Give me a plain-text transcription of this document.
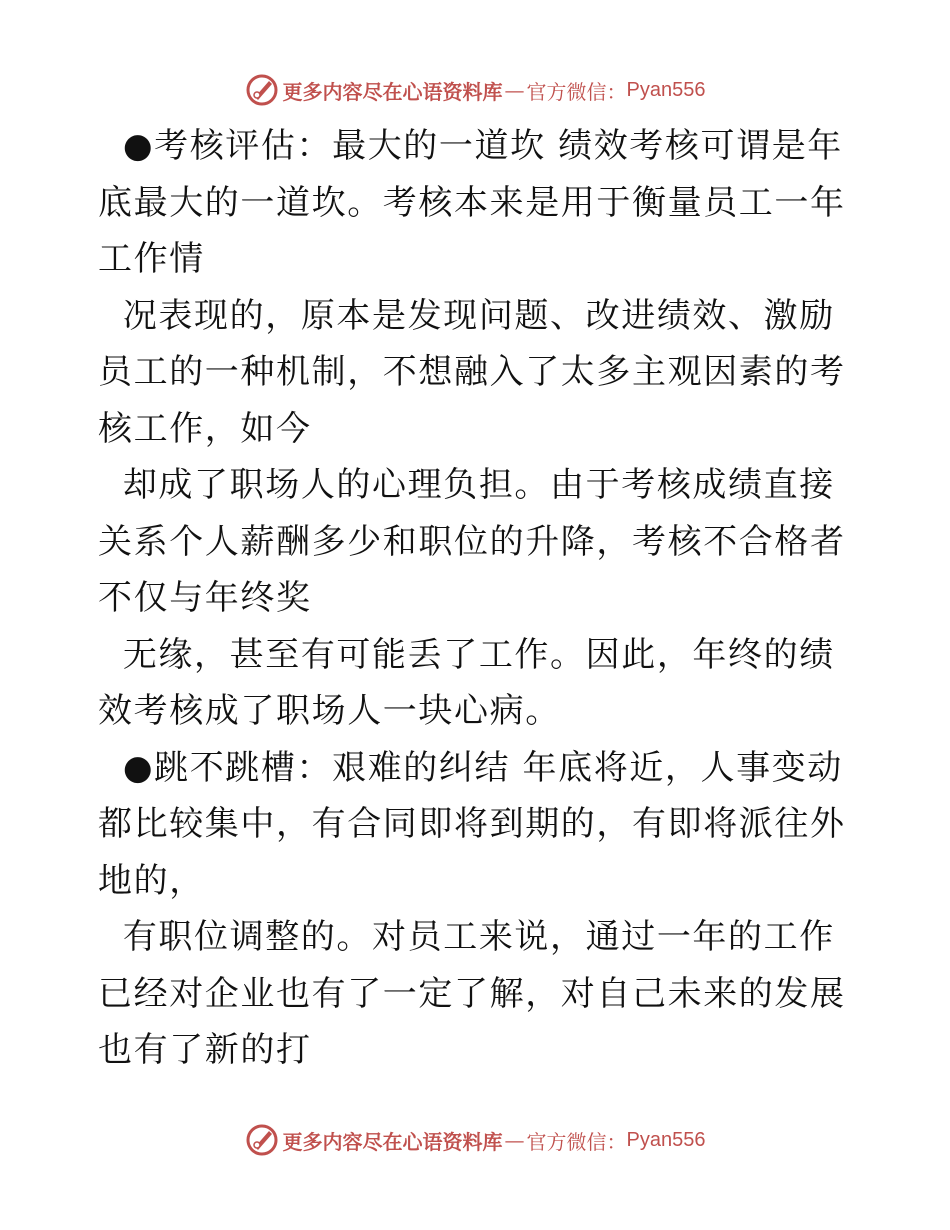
更多内容尽在心语资料库 — 官方微信： Pyan556

●考核评估：最大的一道坎 绩效考核可谓是年底最大的一道坎。考核本来是用于衡量员工一年工作情

况表现的，原本是发现问题、改进绩效、激励员工的一种机制，不想融入了太多主观因素的考核工作，如今

却成了职场人的心理负担。由于考核成绩直接关系个人薪酬多少和职位的升降，考核不合格者不仅与年终奖

无缘，甚至有可能丢了工作。因此，年终的绩效考核成了职场人一块心病。

●跳不跳槽：艰难的纠结 年底将近，人事变动都比较集中，有合同即将到期的，有即将派往外地的，

有职位调整的。对员工来说，通过一年的工作已经对企业也有了一定了解，对自己未来的发展也有了新的打

更多内容尽在心语资料库 — 官方微信： Pyan556
